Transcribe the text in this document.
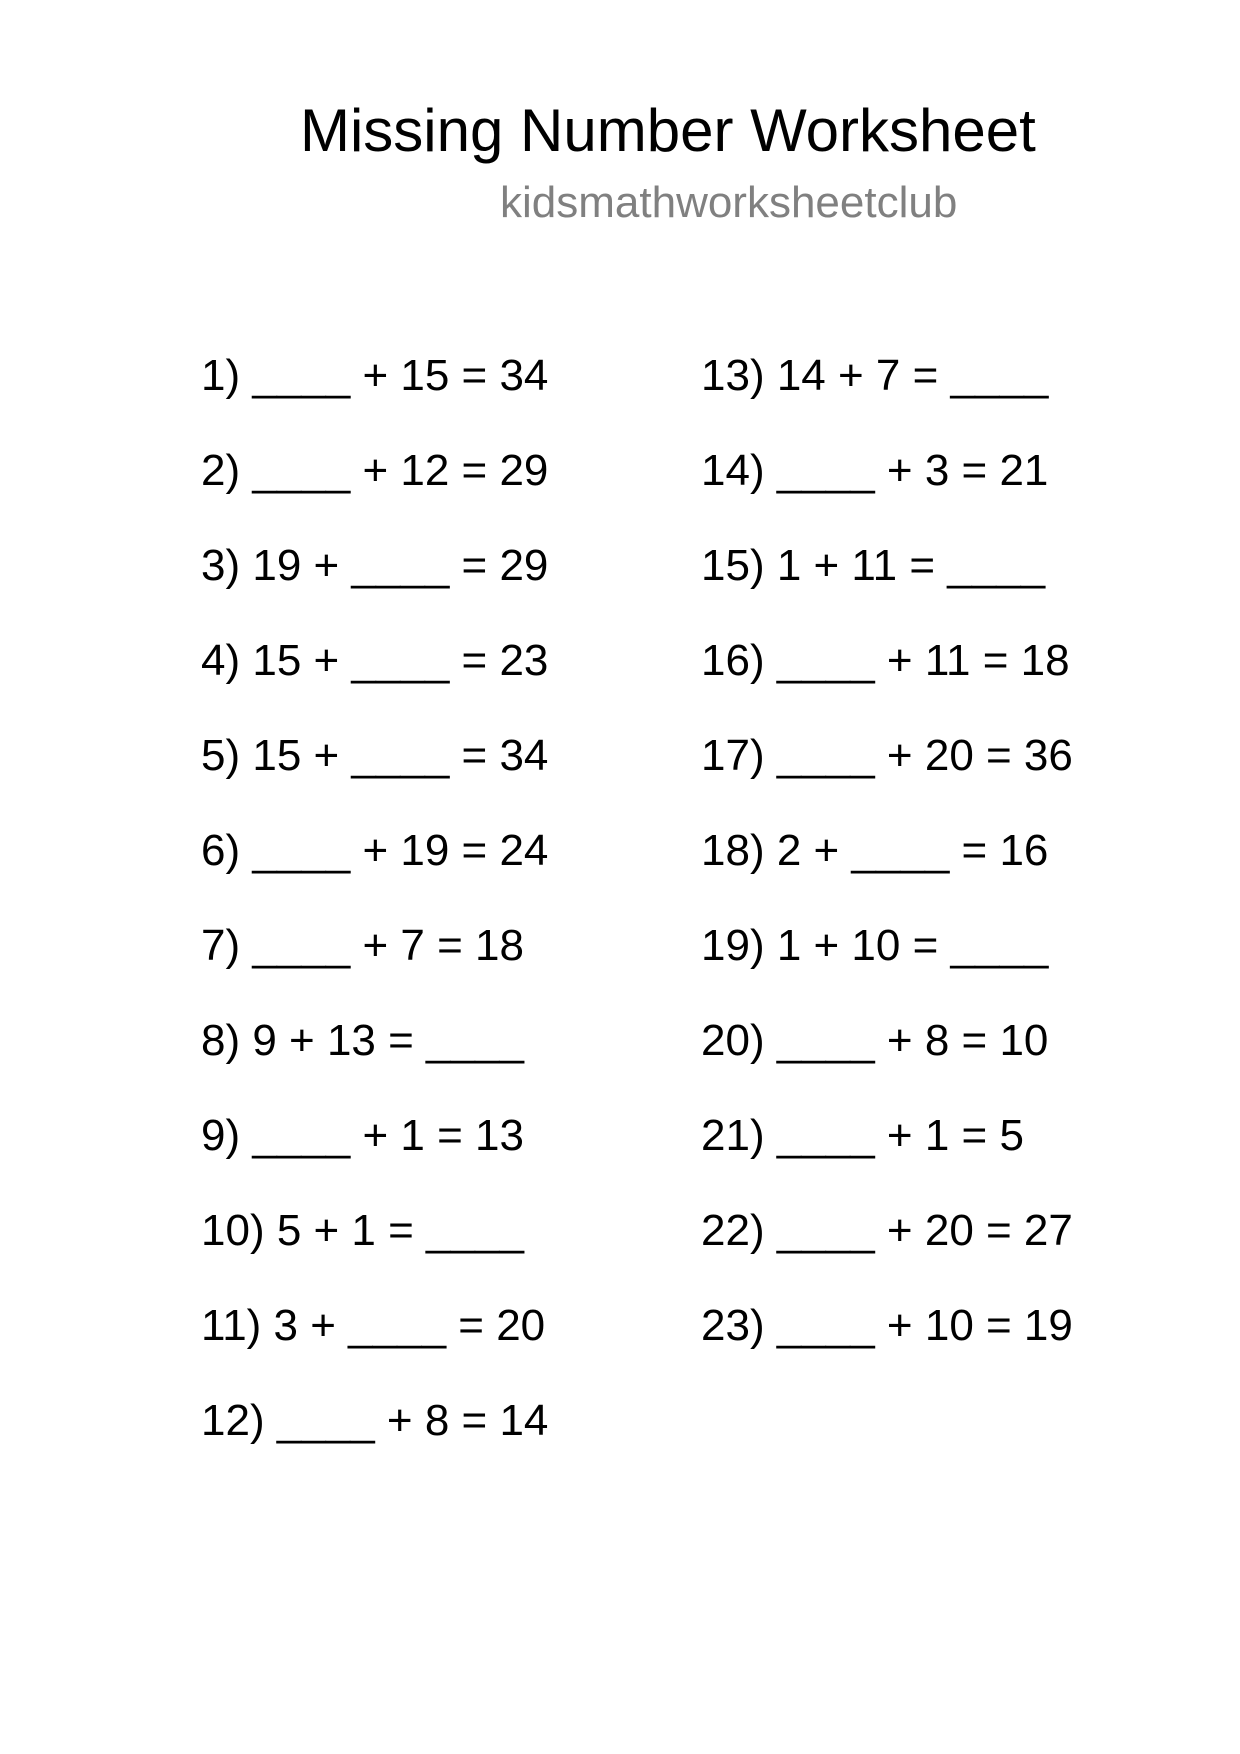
Missing Number Worksheet
kidsmathworksheetclub
1) ____ + 15 = 34
2) ____ + 12 = 29
3) 19 + ____ = 29
4) 15 + ____ = 23
5) 15 + ____ = 34
6) ____ + 19 = 24
7) ____ + 7 = 18
8) 9 + 13 = ____
9) ____ + 1 = 13
10) 5 + 1 = ____
11) 3 + ____ = 20
12) ____ + 8 = 14
13) 14 + 7 = ____
14) ____ + 3 = 21
15) 1 + 11 = ____
16) ____ + 11 = 18
17) ____ + 20 = 36
18) 2 + ____ = 16
19) 1 + 10 = ____
20) ____ + 8 = 10
21) ____ + 1 = 5
22) ____ + 20 = 27
23) ____ + 10 = 19
